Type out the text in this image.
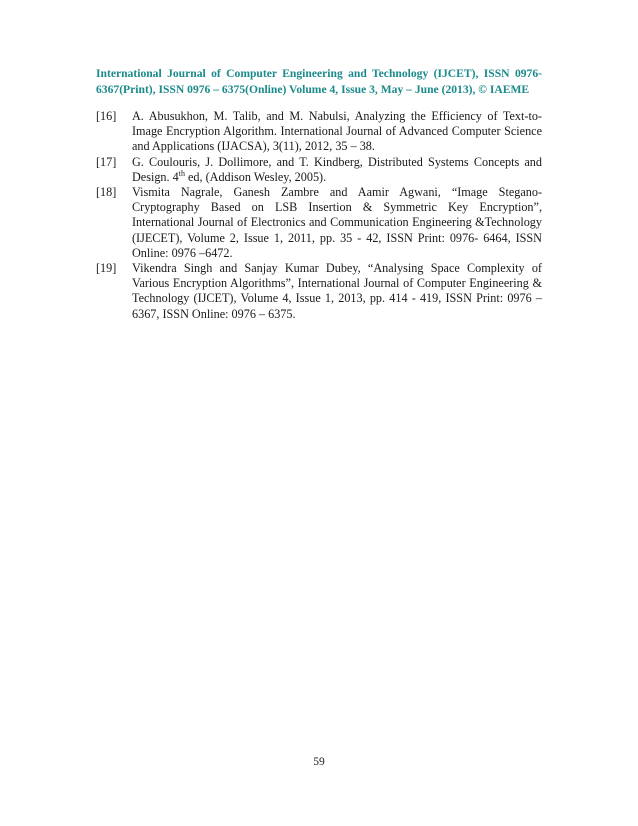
International Journal of Computer Engineering and Technology (IJCET), ISSN 0976-6367(Print), ISSN 0976 – 6375(Online) Volume 4, Issue 3, May – June (2013), © IAEME
[16]	A. Abusukhon, M. Talib, and M. Nabulsi, Analyzing the Efficiency of Text-to-Image Encryption Algorithm. International Journal of Advanced Computer Science and Applications (IJACSA), 3(11), 2012, 35 – 38.
[17]	G. Coulouris, J. Dollimore, and T. Kindberg, Distributed Systems Concepts and Design. 4th ed, (Addison Wesley, 2005).
[18]	Vismita Nagrale, Ganesh Zambre and Aamir Agwani, “Image Stegano-Cryptography Based on LSB Insertion & Symmetric Key Encryption”, International Journal of Electronics and Communication Engineering &Technology (IJECET), Volume 2, Issue 1, 2011, pp. 35 - 42, ISSN Print: 0976- 6464, ISSN Online: 0976 –6472.
[19]	Vikendra Singh and Sanjay Kumar Dubey, “Analysing Space Complexity of Various Encryption Algorithms”, International Journal of Computer Engineering & Technology (IJCET), Volume 4, Issue 1, 2013, pp. 414 - 419, ISSN Print: 0976 – 6367, ISSN Online: 0976 – 6375.
59
